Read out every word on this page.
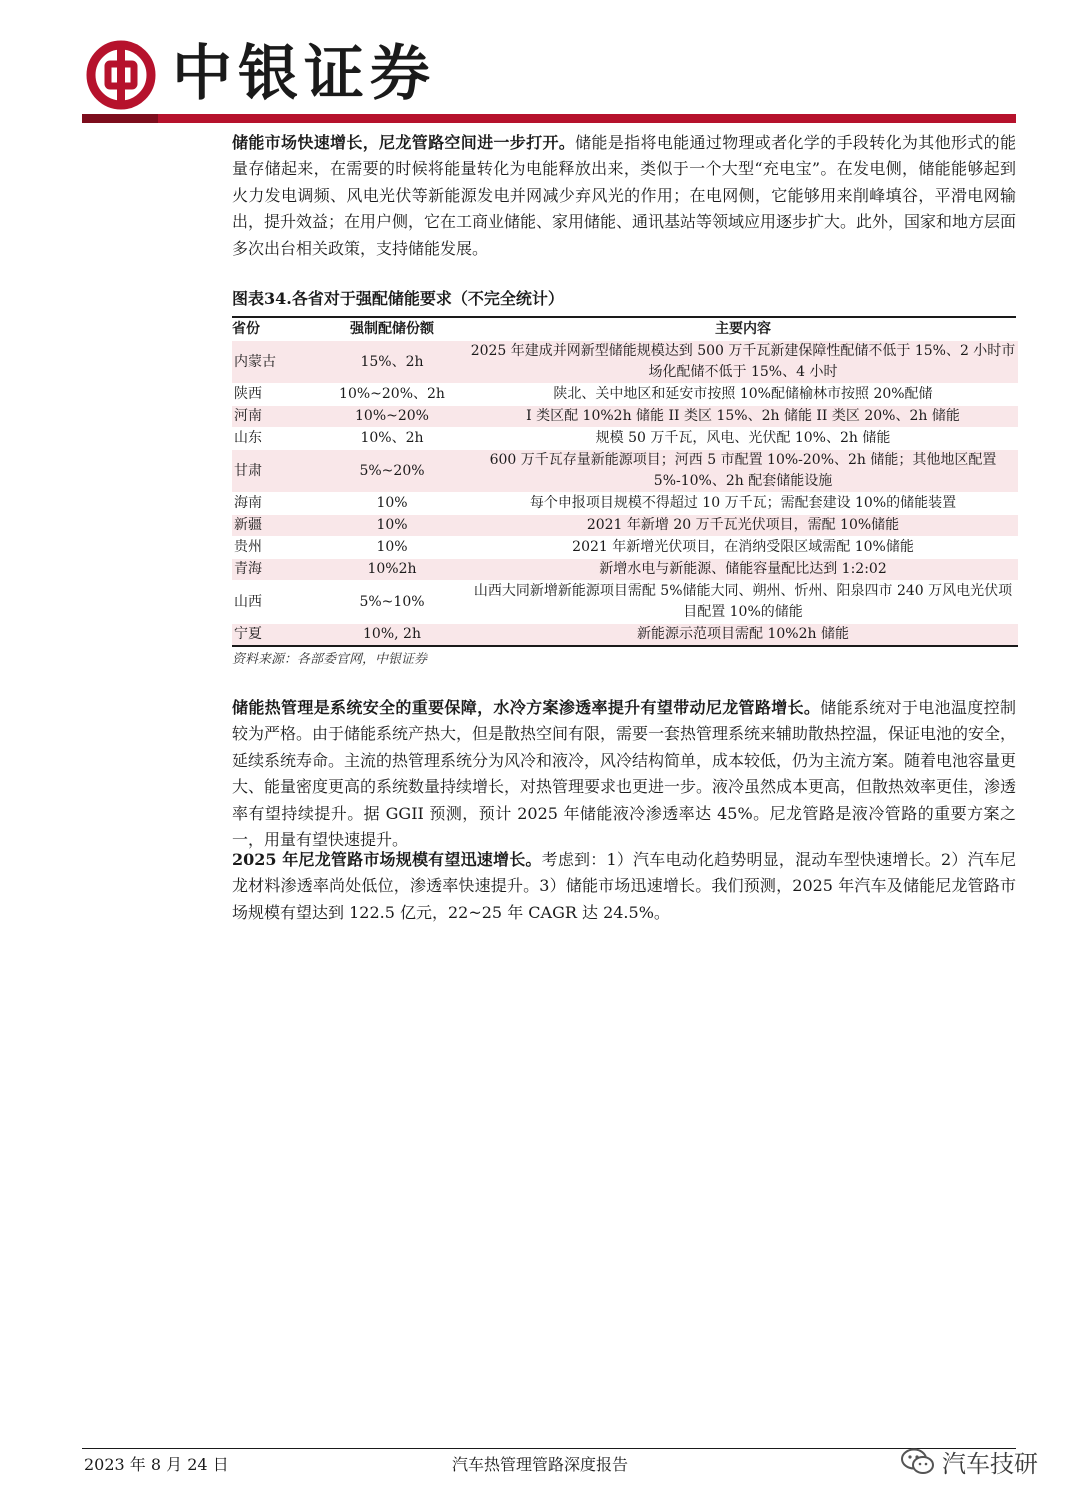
中银证券

储能市场快速增长，尼龙管路空间进一步打开。储能是指将电能通过物理或者化学的手段转化为其他形式的能量存储起来，在需要的时候将能量转化为电能释放出来，类似于一个大型“充电宝”。在发电侧，储能能够起到火力发电调频、风电光伏等新能源发电并网减少弃风光的作用；在电网侧，它能够用来削峰填谷，平滑电网输出，提升效益；在用户侧，它在工商业储能、家用储能、通讯基站等领域应用逐步扩大。此外，国家和地方层面多次出台相关政策，支持储能发展。

图表34.各省对于强配储能要求（不完全统计）
省份	强制配储份额	主要内容
内蒙古	15%、2h	2025 年建成并网新型储能规模达到 500 万千瓦新建保障性配储不低于 15%、2 小时市场化配储不低于 15%、4 小时
陕西	10%~20%、2h	陕北、关中地区和延安市按照 10%配储榆林市按照 20%配储
河南	10%~20%	I 类区配 10%2h 储能 II 类区 15%、2h 储能 II 类区 20%、2h 储能
山东	10%、2h	规模 50 万千瓦，风电、光伏配 10%、2h 储能
甘肃	5%~20%	600 万千瓦存量新能源项目；河西 5 市配置 10%-20%、2h 储能；其他地区配置 5%-10%、2h 配套储能设施
海南	10%	每个申报项目规模不得超过 10 万千瓦；需配套建设 10%的储能装置
新疆	10%	2021 年新增 20 万千瓦光伏项目，需配 10%储能
贵州	10%	2021 年新增光伏项目，在消纳受限区域需配 10%储能
青海	10%2h	新增水电与新能源、储能容量配比达到 1:2:02
山西	5%~10%	山西大同新增新能源项目需配 5%储能大同、朔州、忻州、阳泉四市 240 万风电光伏项目配置 10%的储能
宁夏	10%, 2h	新能源示范项目需配 10%2h 储能
资料来源：各部委官网，中银证券

储能热管理是系统安全的重要保障，水冷方案渗透率提升有望带动尼龙管路增长。储能系统对于电池温度控制较为严格。由于储能系统产热大，但是散热空间有限，需要一套热管理系统来辅助散热控温，保证电池的安全，延续系统寿命。主流的热管理系统分为风冷和液冷，风冷结构简单，成本较低，仍为主流方案。随着电池容量更大、能量密度更高的系统数量持续增长，对热管理要求也更进一步。液冷虽然成本更高，但散热效率更佳，渗透率有望持续提升。据 GGII 预测，预计 2025 年储能液冷渗透率达 45%。尼龙管路是液冷管路的重要方案之一，用量有望快速提升。

2025 年尼龙管路市场规模有望迅速增长。考虑到：1）汽车电动化趋势明显，混动车型快速增长。2）汽车尼龙材料渗透率尚处低位，渗透率快速提升。3）储能市场迅速增长。我们预测，2025 年汽车及储能尼龙管路市场规模有望达到 122.5 亿元，22~25 年 CAGR 达 24.5%。

2023 年 8 月 24 日	汽车热管理管路深度报告	汽车技研
